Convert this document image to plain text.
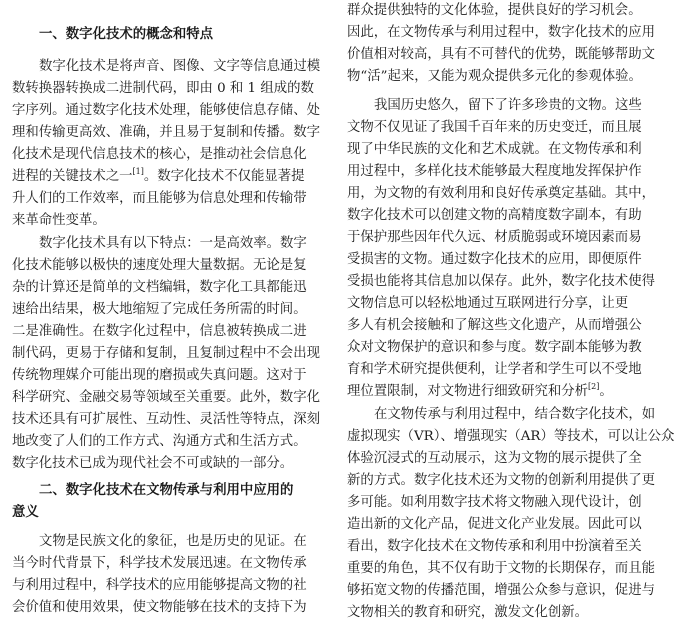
一、数字化技术的概念和特点
数字化技术是将声音、图像、文字等信息通过模
数转换器转换成二进制代码，即由 0 和 1 组成的数
字序列。通过数字化技术处理，能够使信息存储、处
理和传输更高效、准确，并且易于复制和传播。数字
化技术是现代信息技术的核心，是推动社会信息化
进程的关键技术之一[1]。数字化技术不仅能显著提
升人们的工作效率，而且能够为信息处理和传输带
来革命性变革。
数字化技术具有以下特点：一是高效率。数字
化技术能够以极快的速度处理大量数据。无论是复
杂的计算还是简单的文档编辑，数字化工具都能迅
速给出结果，极大地缩短了完成任务所需的时间。
二是准确性。在数字化过程中，信息被转换成二进
制代码，更易于存储和复制，且复制过程中不会出现
传统物理媒介可能出现的磨损或失真问题。这对于
科学研究、金融交易等领域至关重要。此外，数字化
技术还具有可扩展性、互动性、灵活性等特点，深刻
地改变了人们的工作方式、沟通方式和生活方式。
数字化技术已成为现代社会不可或缺的一部分。
二、数字化技术在文物传承与利用中应用的
意义
文物是民族文化的象征，也是历史的见证。在
当今时代背景下，科学技术发展迅速。在文物传承
与利用过程中，科学技术的应用能够提高文物的社
会价值和使用效果，使文物能够在技术的支持下为
群众提供独特的文化体验，提供良好的学习机会。
因此，在文物传承与利用过程中，数字化技术的应用
价值相对较高，具有不可替代的优势，既能够帮助文
物“活”起来，又能为观众提供多元化的参观体验。
我国历史悠久，留下了许多珍贵的文物。这些
文物不仅见证了我国千百年来的历史变迁，而且展
现了中华民族的文化和艺术成就。在文物传承和利
用过程中，多样化技术能够最大程度地发挥保护作
用，为文物的有效利用和良好传承奠定基础。其中，
数字化技术可以创建文物的高精度数字副本，有助
于保护那些因年代久远、材质脆弱或环境因素而易
受损害的文物。通过数字化技术的应用，即便原件
受损也能将其信息加以保存。此外，数字化技术使得
文物信息可以轻松地通过互联网进行分享，让更
多人有机会接触和了解这些文化遗产，从而增强公
众对文物保护的意识和参与度。数字副本能够为教
育和学术研究提供便利，让学者和学生可以不受地
理位置限制，对文物进行细致研究和分析[2]。
在文物传承与利用过程中，结合数字化技术，如
虚拟现实（VR）、增强现实（AR）等技术，可以让公众
体验沉浸式的互动展示，这为文物的展示提供了全
新的方式。数字化技术还为文物的创新利用提供了更
多可能。如利用数字技术将文物融入现代设计，创
造出新的文化产品，促进文化产业发展。因此可以
看出，数字化技术在文物传承和利用中扮演着至关
重要的角色，其不仅有助于文物的长期保存，而且能
够拓宽文物的传播范围，增强公众参与意识，促进与
文物相关的教育和研究，激发文化创新。
